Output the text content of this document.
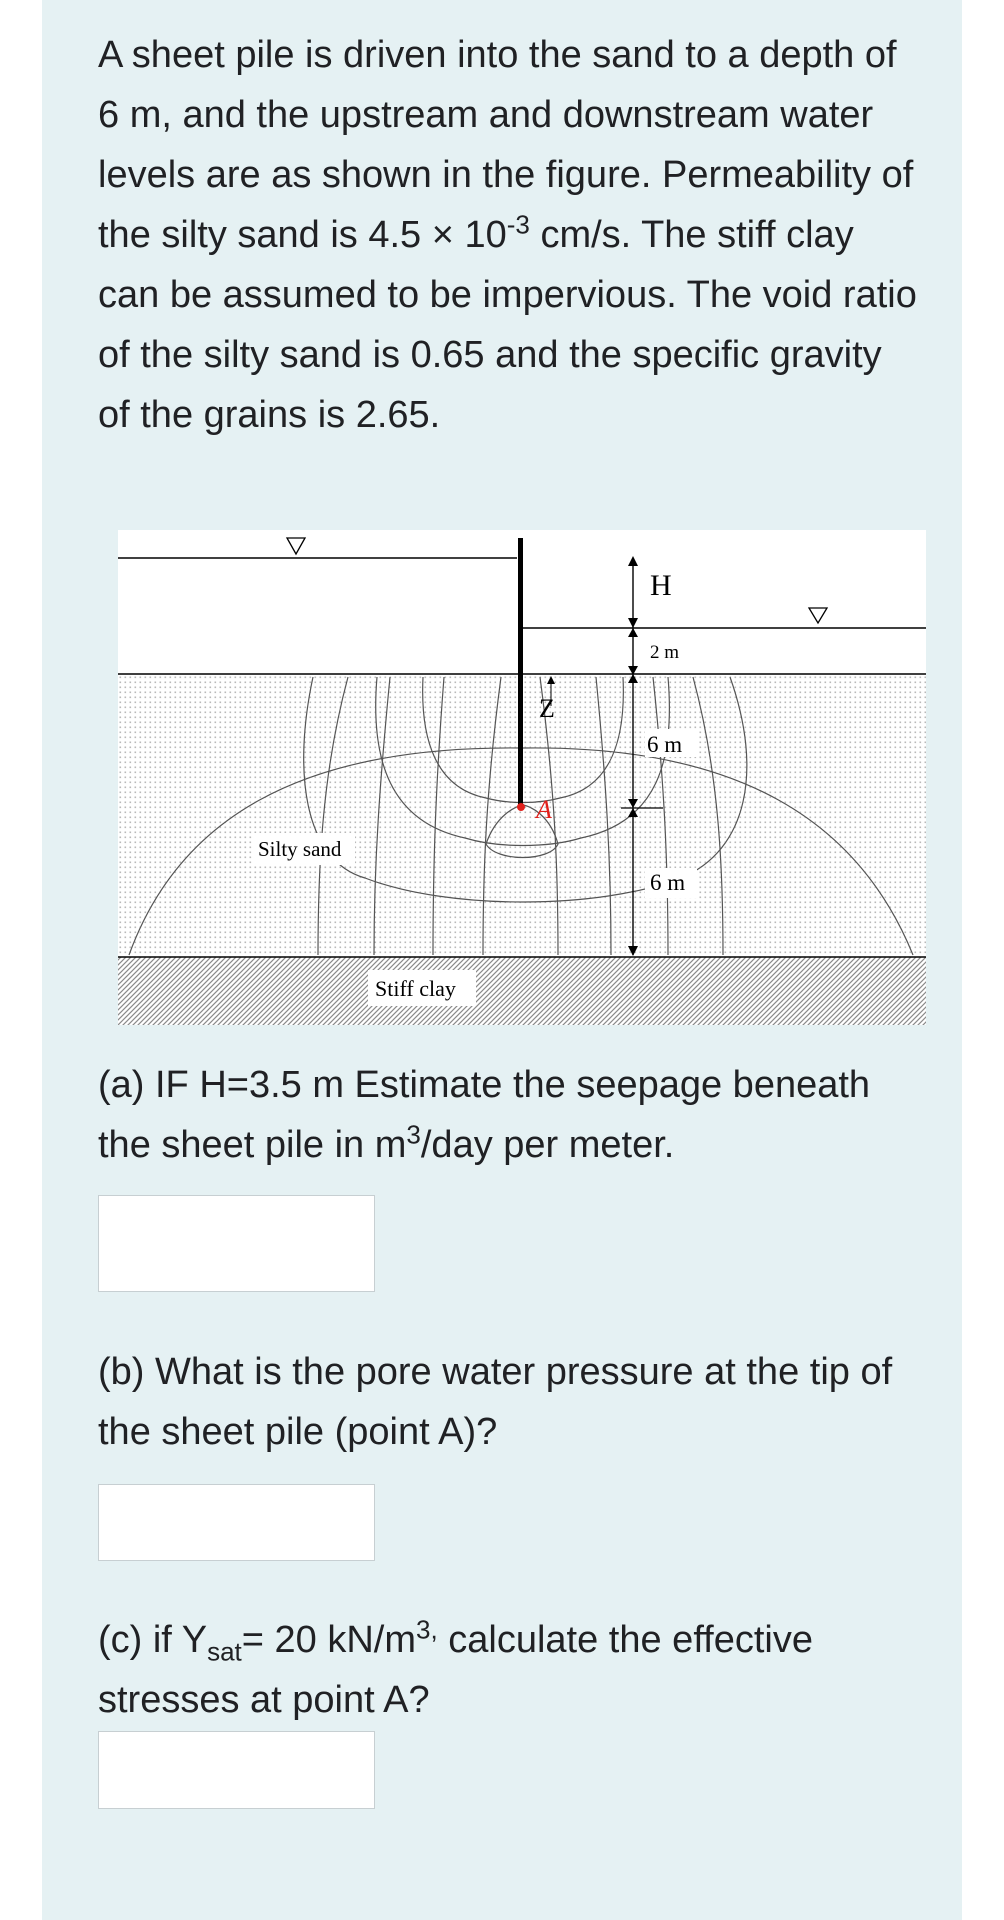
A sheet pile is driven into the sand to a depth of 6 m, and the upstream and downstream water levels are as shown in the figure. Permeability of the silty sand is $4.5 \times 10^{-3}$ cm/s. The stiff clay can be assumed to be impervious. The void ratio of the silty sand is 0.65 and the specific gravity of the grains is 2.65.
A
Z
H
2 m
6 m
6 m
Silty sand
Stiff clay
(a) IF H=3.5 m Estimate the seepage beneath the sheet pile in $m^3$/day per meter.
(b) What is the pore water pressure at the tip of the sheet pile (point A)?
(c) if $Y_{sat}= 20$ $kN/m^{3,}$ calculate the effective stresses at point A?
